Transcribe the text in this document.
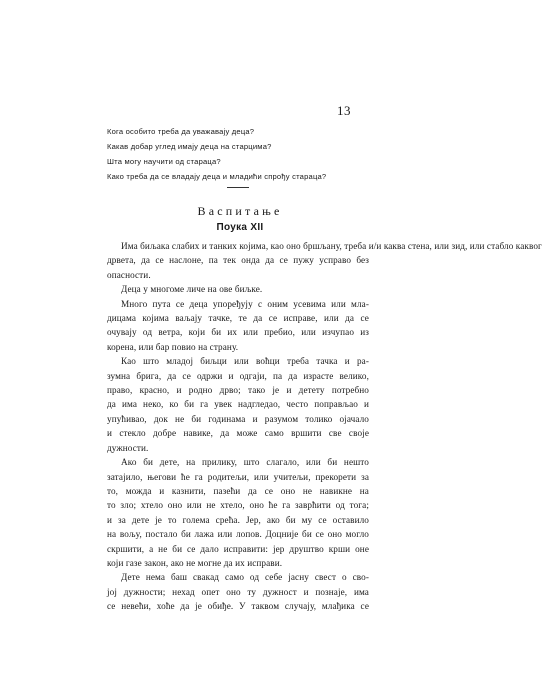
13
Кога особито треба да уважавају деца?
Какав добар углед имају деца на старцима?
Шта могу научити од стараца?
Како треба да се владају деца и младићи спрођу стараца?
Васпитање
Поука XII
Има биљака слабих и танких којима, као оно бршљану, треба и/и каква стена, или зид, или стабло каквог
дрвета, да се наслоне, па тек онда да се пужу уcправо без
опасности.
Деца у многоме личе на ове биљке.
Много пута се деца упоређују с оним усевима или мла-
дицама којима ваљају тачке, те да се исправе, или да се
очувају од ветра, који би их или пребио, или изчупао из
корена, или бар повио на страну.
Као што младој биљци или воћци треба тачка и ра-
зумна брига, да се одржи и одгаји, па да израсте велико,
право, красно, и родно дрво; тако је и детету потребно
да има неко, ко би га увек надгледао, често поправљао и
упућивао, док не би годинама и разумом толико ојачало
и стекло добре навике, да може само вршити све своје
дужности.
Ако би дете, на прилику, што слагало, или би нешто
затајило, његови ће га родитељи, или учитељи, прекорети за
то, можда и казнити, пазећи да се оно не навикне на
то зло; хтело оно или не хтело, оно ће га заврћити од тога;
и за дете је то голема срећа. Јер, ако би му се оставило
на вољу, постало би лажа или лопов. Доцније би се оно могло
скршити, а не би се дало исправити: јер друштво крши оне
који газе закон, ако не могне да их исправи.
Дете нема баш свакад само од себе јасну свест о сво-
јој дужности; нехад опет оно ту дужност и познаје, има
се невећи, хоће да је обиђе. У таквом случају, млађика се
